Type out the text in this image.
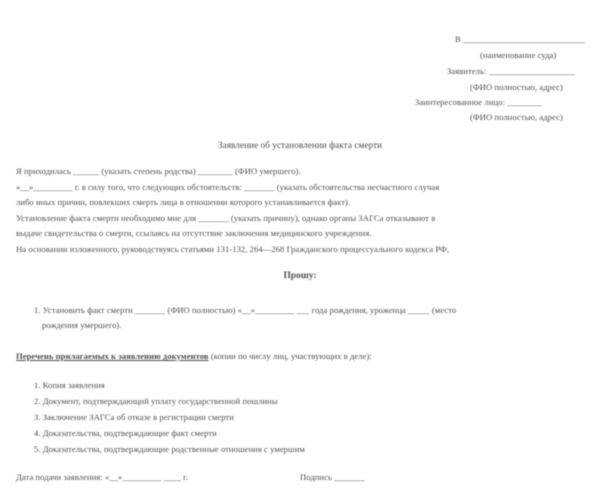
В ____________________________
(наименование суда)
Заявитель: ____________________
(ФИО полностью, адрес)
Заинтересованное лицо: ________
(ФИО полностью, адрес)
Заявление об установлении факта смерти
Я приходилась ______ (указать степень родства) ________ (ФИО умершего).
«__»_________ г. в силу того, что следующих обстоятельств: _______ (указать обстоятельства несчастного случая
либо иных причин, повлекших смерть лица в отношении которого устанавливается факт).
Установление факта смерти необходимо мне для _______ (указать причину), однако органы ЗАГСа отказывают в
выдаче свидетельства о смерти, ссылаясь на отсутствие заключения медицинского учреждения.
На основании изложенного, руководствуясь статьями 131-132, 264—268 Гражданского процессуального кодекса РФ,
Прошу:
1. Установить факт смерти _______ (ФИО полностью) «__»_________ ___ года рождения, уроженца _____ (место
рождения умершего).
Перечень прилагаемых к заявлению документов (копии по числу лиц, участвующих в деле):
1. Копия заявления
2. Документ, подтверждающий уплату государственной пошлины
3. Заключение ЗАГСа об отказе в регистрации смерти
4. Доказательства, подтверждающие факт смерти
5. Доказательства, подтверждающие родственные отношения с умершим
Дата подачи заявления: «__»_________ ____ г.	Подпись _______
